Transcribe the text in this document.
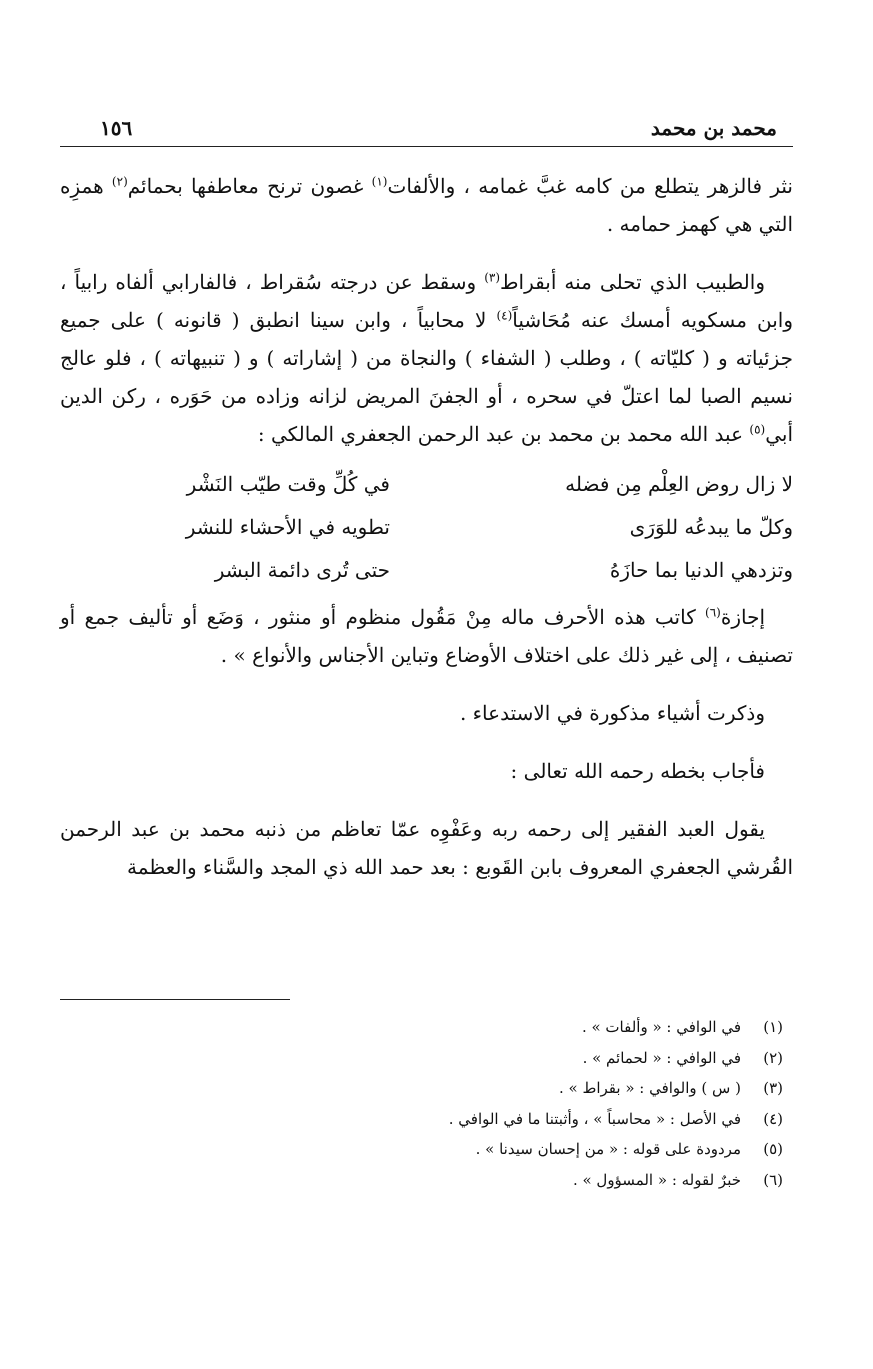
محمد بن محمد
١٥٦

نثر فالزهر يتطلع من كامه غبَّ غمامه ، والألفات$^{(١)}$ غصون ترنح معاطفها بحمائم$^{(٢)}$ همزِه التي هي كهمز حمامه .

والطبيب الذي تحلى منه أبقراط$^{(٣)}$ وسقط عن درجته سُقراط ، فالفارابي ألفاه رابياً ، وابن مسكويه أمسك عنه مُحَاشياً$^{(٤)}$ لا محابياً ، وابن سينا انطبق ( قانونه ) على جميع جزئياته و ( كليّاته ) ، وطلب ( الشفاء ) والنجاة من ( إشاراته ) و ( تنبيهاته ) ، فلو عالج نسيم الصبا لما اعتلّ في سحره ، أو الجفنَ المريض لزانه وزاده من حَوَره ، ركن الدين أبي$^{(٥)}$ عبد الله محمد بن محمد بن عبد الرحمن الجعفري المالكي :

لا زال روض العِلْم مِن فضله
في كُلِّ وقت طيّب النَشْر
وكلّ ما يبدعُه للوَرَى
تطويه في الأحشاء للنشر
وتزدهي الدنيا بما حازَهُ
حتى تُرى دائمة البشر

إجازة$^{(٦)}$ كاتب هذه الأحرف ماله مِنْ مَقُول منظوم أو منثور ، وَضَع أو تأليف جمع أو تصنيف ، إلى غير ذلك على اختلاف الأوضاع وتباين الأجناس والأنواع » .

وذكرت أشياء مذكورة في الاستدعاء .

فأجاب بخطه رحمه الله تعالى :

يقول العبد الفقير إلى رحمه ربه وعَفْوِه عمّا تعاظم من ذنبه محمد بن عبد الرحمن القُرشي الجعفري المعروف بابن القَوبع : بعد حمد الله ذي المجد والسَّناء والعظمة

(١)
في الوافي : « وألفات » .
(٢)
في الوافي : « لحمائم » .
(٣)
( س ) والوافي : « بقراط » .
(٤)
في الأصل : « محاسباً » ، وأثبتنا ما في الوافي .
(٥)
مردودة على قوله : « من إحسان سيدنا » .
(٦)
خبرٌ لقوله : « المسؤول » .
